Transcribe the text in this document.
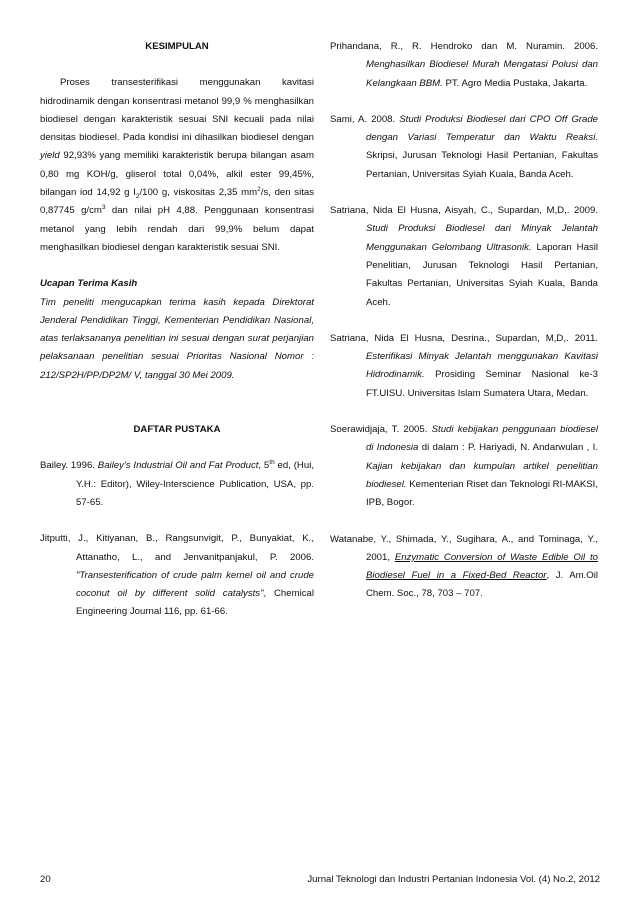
KESIMPULAN

Proses transesterifikasi menggunakan kavitasi hidrodinamik dengan konsentrasi metanol 99,9 % menghasilkan biodiesel dengan karakteristik sesuai SNI kecuali pada nilai densitas biodiesel. Pada kondisi ini dihasilkan biodiesel dengan yield 92,93% yang memiliki karakteristik berupa bilangan asam 0,80 mg KOH/g, gliserol total 0,04%, alkil ester 99,45%, bilangan iod 14,92 g $I_2/100$ g, viskositas 2,35 $mm^2/s$, den sitas 0,87745 $g/cm^3$ dan nilai pH 4,88. Penggunaan konsentrasi metanol yang lebih rendah dari 99,9% belum dapat menghasilkan biodiesel dengan karakteristik sesuai SNI.

Ucapan Terima Kasih

Tim peneliti mengucapkan terima kasih kepada Direktorat Jenderal Pendidikan Tinggi, Kementerian Pendidikan Nasional, atas terlaksananya penelitian ini sesuai dengan surat perjanjian pelaksanaan penelitian sesuai Prioritas Nasional Nomor : 212/SP2H/PP/DP2M/ V, tanggal 30 Mei 2009.

DAFTAR PUSTAKA

Bailey. 1996. Bailey's Industrial Oil and Fat Product, 5th ed, (Hui, Y.H.: Editor), Wiley-Interscience Publication, USA, pp. 57-65.

Jitputti, J., Kitiyanan, B., Rangsunvigit, P., Bunyakiat, K., Attanatho, L., and Jenvanitpanjakul, P. 2006. "Transesterification of crude palm kernel oil and crude coconut oil by different solid catalysts", Chemical Engineering Journal 116, pp. 61-66.

Prihandana, R., R. Hendroko dan M. Nuramin. 2006. Menghasilkan Biodiesel Murah Mengatasi Polusi dan Kelangkaan BBM. PT. Agro Media Pustaka, Jakarta.

Sami, A. 2008. Studi Produksi Biodiesel dari CPO Off Grade dengan Variasi Temperatur dan Waktu Reaksi. Skripsi, Jurusan Teknologi Hasil Pertanian, Fakultas Pertanian, Universitas Syiah Kuala, Banda Aceh.

Satriana, Nida El Husna, Aisyah, C., Supardan, M,D,. 2009. Studi Produksi Biodiesel dari Minyak Jelantah Menggunakan Gelombang Ultrasonik. Laporan Hasil Penelitian, Jurusan Teknologi Hasil Pertanian, Fakultas Pertanian, Universitas Syiah Kuala, Banda Aceh.

Satriana, Nida El Husna, Desrina., Supardan, M,D,. 2011. Esterifikasi Minyak Jelantah menggunakan Kavitasi Hidrodinamik. Prosiding Seminar Nasional ke-3 FT.UISU. Universitas Islam Sumatera Utara, Medan.

Soerawidjaja, T. 2005. Studi kebijakan penggunaan biodiesel di Indonesia di dalam : P. Hariyadi, N. Andarwulan , I. Kajian kebijakan dan kumpulan artikel penelitian biodiesel. Kementerian Riset dan Teknologi RI-MAKSI, IPB, Bogor.

Watanabe, Y., Shimada, Y., Sugihara, A., and Tominaga, Y., 2001, Enzymatic Conversion of Waste Edible Oil to Biodiesel Fuel in a Fixed-Bed Reactor, J. Am.Oil Chem. Soc., 78, 703 – 707.

20	Jurnal Teknologi dan Industri Pertanian Indonesia Vol. (4) No.2, 2012
